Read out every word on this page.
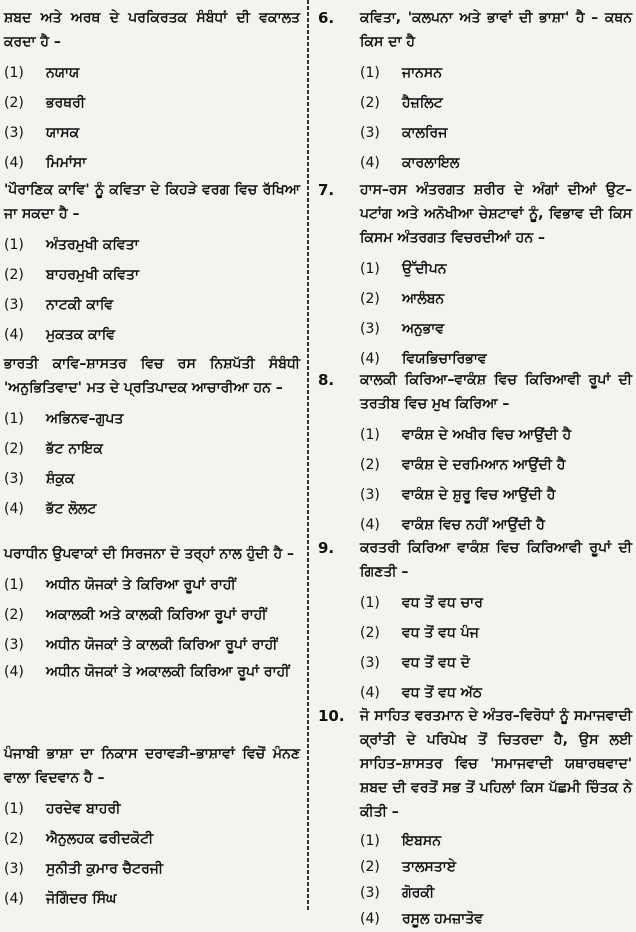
ਸ਼ਬਦ ਅਤੇ ਅਰਥ ਦੇ ਪਰਕਿਰਤਕ ਸੰਬੰਧਾਂ ਦੀ ਵਕਾਲਤ ਕਰਦਾ ਹੈ –
(1)	ਨਯਾਯ
(2)	ਭਰਥਰੀ
(3)	ਯਾਸਕ
(4)	ਮਿਮਾਂਸਾ
'ਪੌਰਾਣਿਕ ਕਾਵਿ' ਨੂੰ ਕਵਿਤਾ ਦੇ ਕਿਹੜੇ ਵਰਗ ਵਿਚ ਰੱਖਿਆ ਜਾ ਸਕਦਾ ਹੈ –
(1)	ਅੰਤਰਮੁਖੀ ਕਵਿਤਾ
(2)	ਬਾਹਰਮੁਖੀ ਕਵਿਤਾ
(3)	ਨਾਟਕੀ ਕਾਵਿ
(4)	ਮੁਕਤਕ ਕਾਵਿ
ਭਾਰਤੀ ਕਾਵਿ–ਸ਼ਾਸਤਰ ਵਿਚ ਰਸ ਨਿਸ਼ਪੱਤੀ ਸੰਬੰਧੀ 'ਅਨੁਭਿਤਿਵਾਦ' ਮਤ ਦੇ ਪ੍ਰਤਿਪਾਦਕ ਆਚਾਰੀਆ ਹਨ –
(1)	ਅਭਿਨਵ–ਗੁਪਤ
(2)	ਭੱਟ ਨਾਇਕ
(3)	ਸ਼ੰਕੁਕ
(4)	ਭੱਟ ਲੋਲਟ
ਪਰਾਧੀਨ ਉਪਵਾਕਾਂ ਦੀ ਸਿਰਜਨਾ ਦੋ ਤਰ੍ਹਾਂ ਨਾਲ ਹੁੰਦੀ ਹੈ –
(1)	ਅਧੀਨ ਯੋਜਕਾਂ ਤੇ ਕਿਰਿਆ ਰੂਪਾਂ ਰਾਹੀਂ
(2)	ਅਕਾਲਕੀ ਅਤੇ ਕਾਲਕੀ ਕਿਰਿਆ ਰੂਪਾਂ ਰਾਹੀਂ
(3)	ਅਧੀਨ ਯੋਜਕਾਂ ਤੇ ਕਾਲਕੀ ਕਿਰਿਆ ਰੂਪਾਂ ਰਾਹੀਂ
(4)	ਅਧੀਨ ਯੋਜਕਾਂ ਤੇ ਅਕਾਲਕੀ ਕਿਰਿਆ ਰੂਪਾਂ ਰਾਹੀਂ
ਪੰਜਾਬੀ ਭਾਸ਼ਾ ਦਾ ਨਿਕਾਸ ਦਰਾਵੜੀ–ਭਾਸ਼ਾਵਾਂ ਵਿਚੋਂ ਮੰਨਣ ਵਾਲਾ ਵਿਦਵਾਨ ਹੈ –
(1)	ਹਰਦੇਵ ਬਾਹਰੀ
(2)	ਐਨੁਲਹਕ ਫਰੀਦਕੋਟੀ
(3)	ਸੁਨੀਤੀ ਕੁਮਾਰ ਚੈਟਰਜੀ
(4)	ਜੋਗਿੰਦਰ ਸਿੰਘ
6.	ਕਵਿਤਾ, 'ਕਲਪਨਾ ਅਤੇ ਭਾਵਾਂ ਦੀ ਭਾਸ਼ਾ' ਹੈ – ਕਥਨ ਕਿਸ ਦਾ ਹੈ
(1)	ਜਾਨਸਨ
(2)	ਹੈਜ਼ਲਿਟ
(3)	ਕਾਲਰਿਜ
(4)	ਕਾਰਲਾਇਲ
7.	ਹਾਸ–ਰਸ ਅੰਤਰਗਤ ਸ਼ਰੀਰ ਦੇ ਅੰਗਾਂ ਦੀਆਂ ਉਟ–ਪਟਾਂਗ ਅਤੇ ਅਨੋਖੀਆ ਚੇਸ਼ਟਾਵਾਂ ਨੂੰ, ਵਿਭਾਵ ਦੀ ਕਿਸ ਕਿਸਮ ਅੰਤਰਗਤ ਵਿਚਰਦੀਆਂ ਹਨ –
(1)	ਉੱਦੀਪਨ
(2)	ਆਲੰਬਨ
(3)	ਅਨੁਭਾਵ
(4)	ਵਿਯਭਿਚਾਰਿਭਾਵ
8.	ਕਾਲਕੀ ਕਿਰਿਆ–ਵਾਕੰਸ਼ ਵਿਚ ਕਿਰਿਆਵੀ ਰੂਪਾਂ ਦੀ ਤਰਤੀਬ ਵਿਚ ਮੁਖ ਕਿਰਿਆ –
(1)	ਵਾਕੰਸ਼ ਦੇ ਅਖੀਰ ਵਿਚ ਆਉਂਦੀ ਹੈ
(2)	ਵਾਕੰਸ਼ ਦੇ ਦਰਮਿਆਨ ਆਉਂਦੀ ਹੈ
(3)	ਵਾਕੰਸ਼ ਦੇ ਸ਼ੁਰੂ ਵਿਚ ਆਉਂਦੀ ਹੈ
(4)	ਵਾਕੰਸ਼ ਵਿਚ ਨਹੀਂ ਆਉਂਦੀ ਹੈ
9.	ਕਰਤਰੀ ਕਿਰਿਆ ਵਾਕੰਸ਼ ਵਿਚ ਕਿਰਿਆਵੀ ਰੂਪਾਂ ਦੀ ਗਿਣਤੀ –
(1)	ਵਧ ਤੋਂ ਵਧ ਚਾਰ
(2)	ਵਧ ਤੋਂ ਵਧ ਪੰਜ
(3)	ਵਧ ਤੋਂ ਵਧ ਦੋ
(4)	ਵਧ ਤੋਂ ਵਧ ਅੱਠ
10.	ਜੋ ਸਾਹਿਤ ਵਰਤਮਾਨ ਦੇ ਅੰਤਰ–ਵਿਰੋਧਾਂ ਨੂੰ ਸਮਾਜਵਾਦੀ ਕ੍ਰਾਂਤੀ ਦੇ ਪਰਿਪੇਖ ਤੋਂ ਚਿਤਰਦਾ ਹੈ, ਉਸ ਲਈ ਸਾਹਿਤ–ਸ਼ਾਸਤਰ ਵਿਚ 'ਸਮਾਜਵਾਦੀ ਯਥਾਰਥਵਾਦ' ਸ਼ਬਦ ਦੀ ਵਰਤੋਂ ਸਭ ਤੋਂ ਪਹਿਲਾਂ ਕਿਸ ਪੱਛਮੀ ਚਿੰਤਕ ਨੇ ਕੀਤੀ –
(1)	ਇਬਸਨ
(2)	ਤਾਲਸਤਾਏ
(3)	ਗੋਰਕੀ
(4)	ਰਸੂਲ ਹਮਜ਼ਾਤੋਵ
